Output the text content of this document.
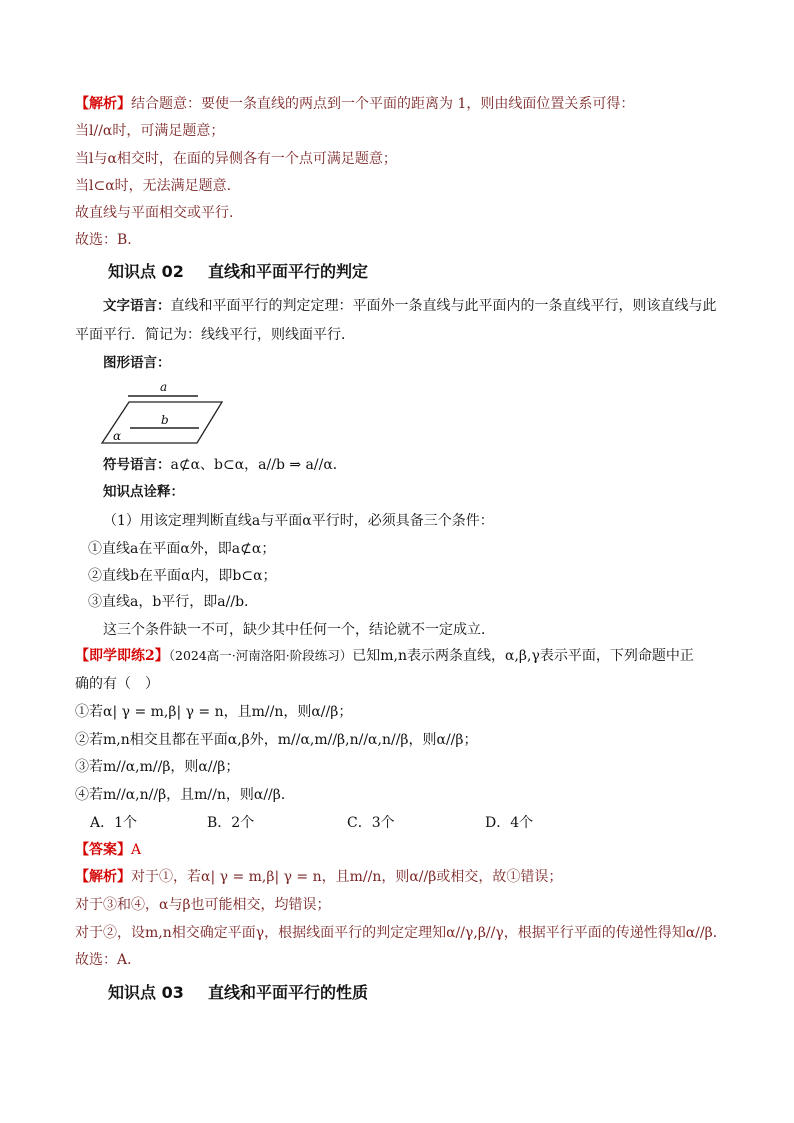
【解析】结合题意：要使一条直线的两点到一个平面的距离为 1，则由线面位置关系可得：
当l//α时，可满足题意；
当l与α相交时，在面的异侧各有一个点可满足题意；
当l⊂α时，无法满足题意.
故直线与平面相交或平行.
故选：B.
知识点 02 直线和平面平行的判定
文字语言：直线和平面平行的判定定理：平面外一条直线与此平面内的一条直线平行，则该直线与此
平面平行．简记为：线线平行，则线面平行．
图形语言：
a
b
α
符号语言：a⊄α、b⊂α，a//b ⇒ a//α．
知识点诠释：
（1）用该定理判断直线a与平面α平行时，必须具备三个条件：
①直线a在平面α外，即a⊄α；
②直线b在平面α内，即b⊂α；
③直线a，b平行，即a//b.
这三个条件缺一不可，缺少其中任何一个，结论就不一定成立．
【即学即练2】（2024高一·河南洛阳·阶段练习）已知m,n表示两条直线，α,β,γ表示平面，下列命题中正
确的有（　）
①若α| γ = m,β| γ = n，且m//n，则α//β；
②若m,n相交且都在平面α,β外，m//α,m//β,n//α,n//β，则α//β；
③若m//α,m//β，则α//β；
④若m//α,n//β，且m//n，则α//β．
A．1个	B．2个	C．3个	D．4个
【答案】A
【解析】对于①，若α| γ = m,β| γ = n，且m//n，则α//β或相交，故①错误；
对于③和④，α与β也可能相交，均错误；
对于②，设m,n相交确定平面γ，根据线面平行的判定定理知α//γ,β//γ，根据平行平面的传递性得知α//β．
故选：A．
知识点 03 直线和平面平行的性质
